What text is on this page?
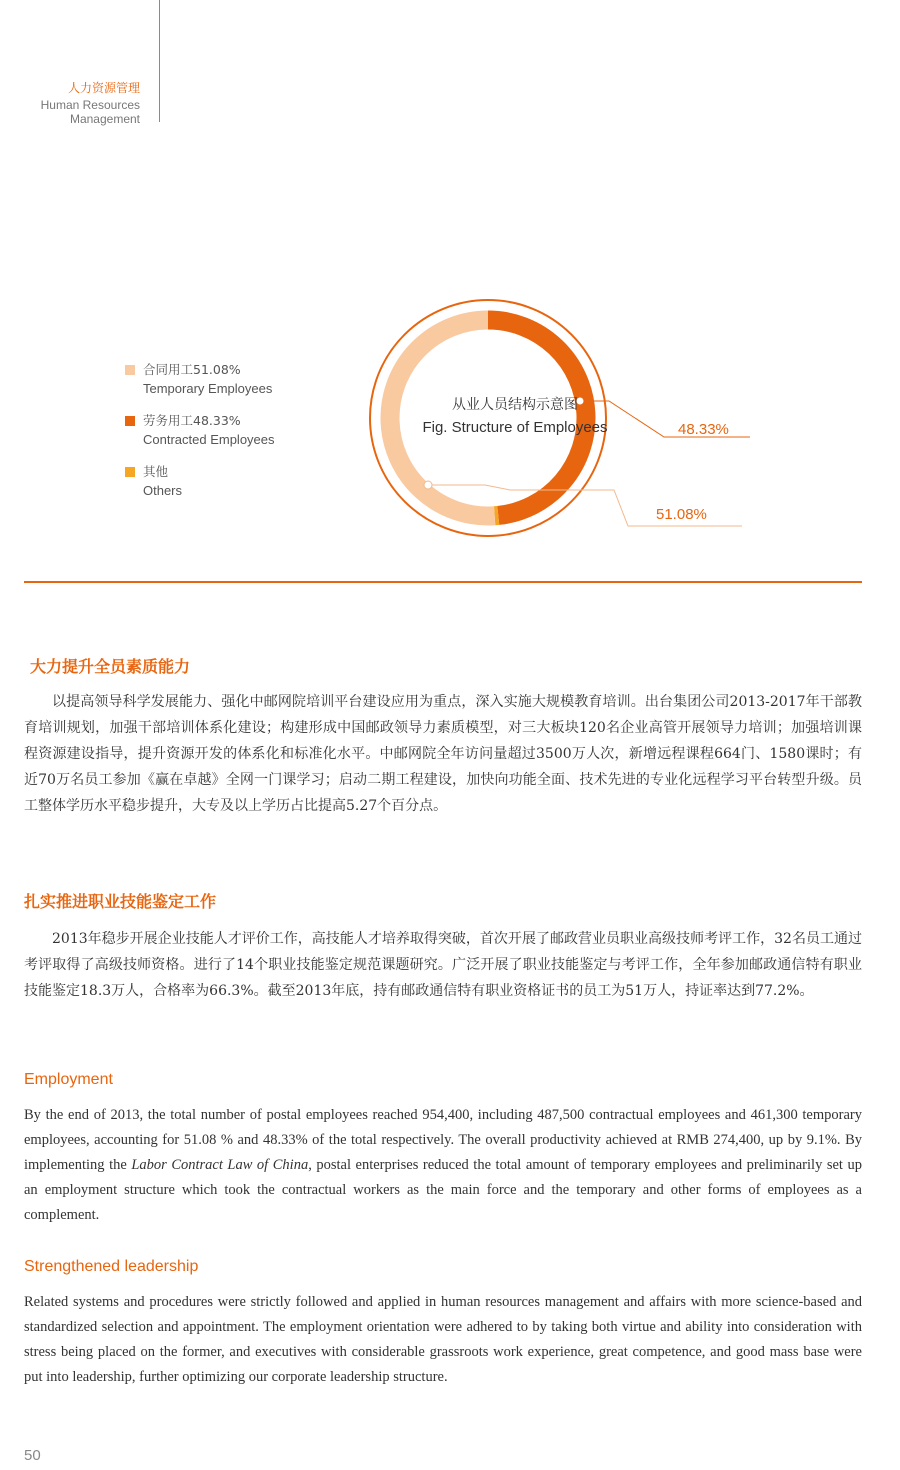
人力资源管理
Human Resources Management
合同用工51.08%
Temporary Employees
劳务用工48.33%
Contracted Employees
其他
Others
从业人员结构示意图
Fig. Structure of Employees	48.33%
51.08%
大力提升全员素质能力

以提高领导科学发展能力、强化中邮网院培训平台建设应用为重点，深入实施大规模教育培训。出台集团公司2013-2017年干部教育培训规划，加强干部培训体系化建设；构建形成中国邮政领导力素质模型，对三大板块120名企业高管开展领导力培训；加强培训课程资源建设指导，提升资源开发的体系化和标准化水平。中邮网院全年访问量超过3500万人次，新增远程课程664门、1580课时；有近70万名员工参加《赢在卓越》全网一门课学习；启动二期工程建设，加快向功能全面、技术先进的专业化远程学习平台转型升级。员工整体学历水平稳步提升，大专及以上学历占比提高5.27个百分点。

扎实推进职业技能鉴定工作

2013年稳步开展企业技能人才评价工作，高技能人才培养取得突破，首次开展了邮政营业员职业高级技师考评工作，32名员工通过考评取得了高级技师资格。进行了14个职业技能鉴定规范课题研究。广泛开展了职业技能鉴定与考评工作，全年参加邮政通信特有职业技能鉴定18.3万人，合格率为66.3%。截至2013年底，持有邮政通信特有职业资格证书的员工为51万人，持证率达到77.2%。

Employment

By the end of 2013, the total number of postal employees reached 954,400, including 487,500 contractual employees and 461,300 temporary employees, accounting for 51.08 % and 48.33% of the total respectively. The overall productivity achieved at RMB 274,400, up by 9.1%. By implementing the Labor Contract Law of China, postal enterprises reduced the total amount of temporary employees and preliminarily set up an employment structure which took the contractual workers as the main force and the temporary and other forms of employees as a complement.

Strengthened leadership

Related systems and procedures were strictly followed and applied in human resources management and affairs with more science-based and standardized selection and appointment. The employment orientation were adhered to by taking both virtue and ability into consideration with stress being placed on the former, and executives with considerable grassroots work experience, great competence, and good mass base were put into leadership, further optimizing our corporate leadership structure.

50
